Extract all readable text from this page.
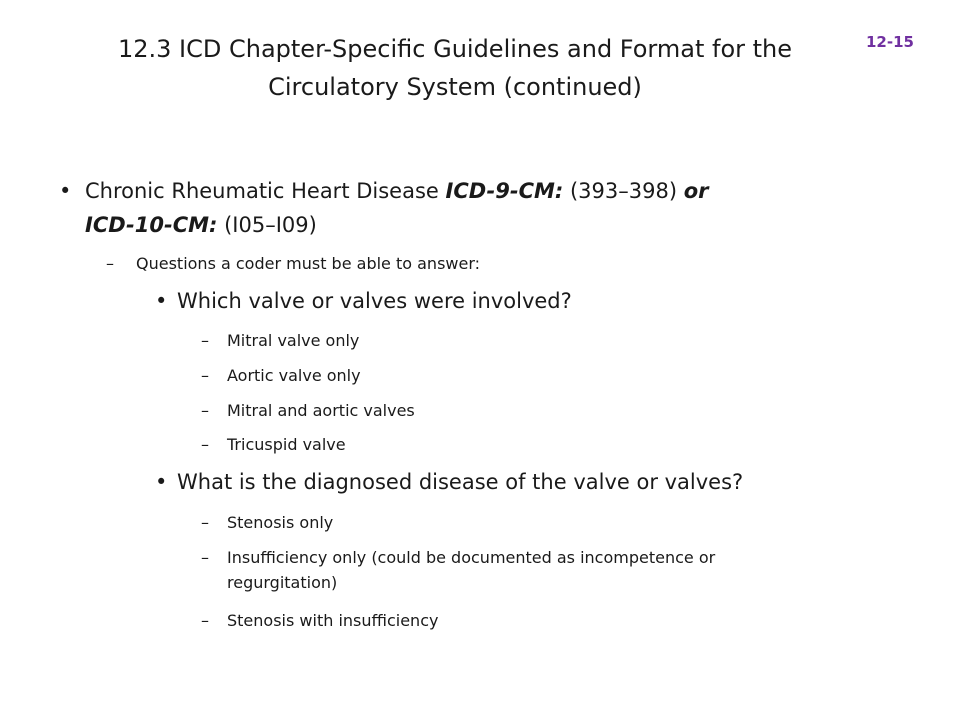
12.3 ICD Chapter-Specific Guidelines and Format for the
Circulatory System (continued)
12-15
• Chronic Rheumatic Heart Disease ICD-9-CM: (393–398) or
ICD-10-CM: (I05–I09)
– Questions a coder must be able to answer:
• Which valve or valves were involved?
– Mitral valve only
– Aortic valve only
– Mitral and aortic valves
– Tricuspid valve
• What is the diagnosed disease of the valve or valves?
– Stenosis only
– Insufficiency only (could be documented as incompetence or
regurgitation)
– Stenosis with insufficiency
